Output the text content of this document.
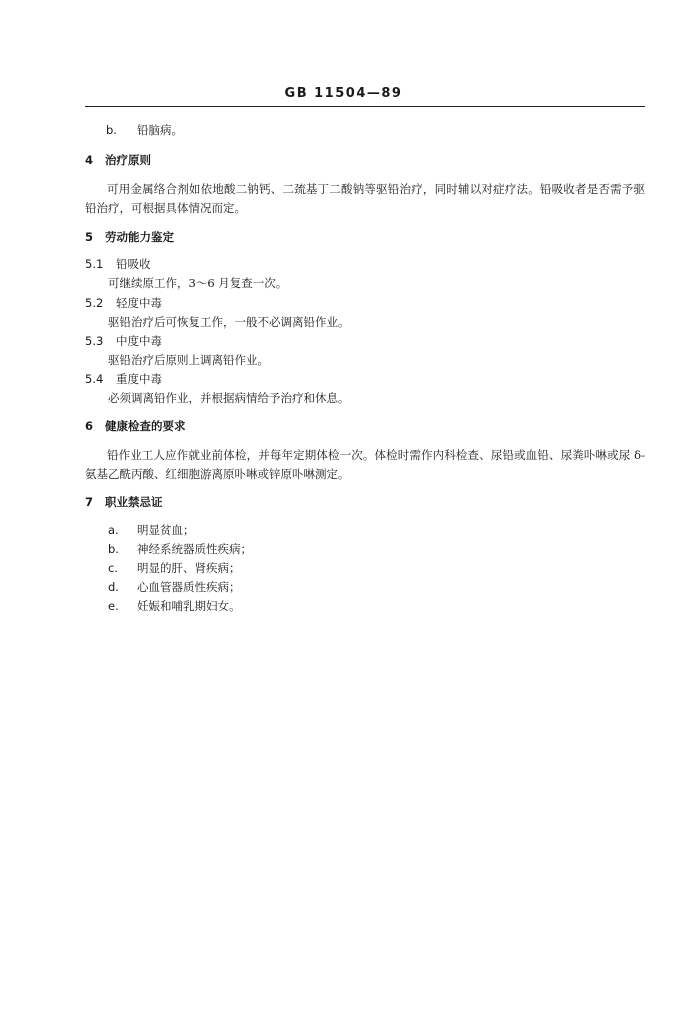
GB 11504—89
b. 铅脑病。
4 治疗原则
可用金属络合剂如依地酸二钠钙、二巯基丁二酸钠等驱铅治疗，同时辅以对症疗法。铅吸收者是否需予驱铅治疗，可根据具体情况而定。
5 劳动能力鉴定
5.1 铅吸收
可继续原工作，3～6 月复查一次。
5.2 轻度中毒
驱铅治疗后可恢复工作，一般不必调离铅作业。
5.3 中度中毒
驱铅治疗后原则上调离铅作业。
5.4 重度中毒
必须调离铅作业，并根据病情给予治疗和休息。
6 健康检查的要求
铅作业工人应作就业前体检，并每年定期体检一次。体检时需作内科检查、尿铅或血铅、尿粪卟啉或尿 δ-氨基乙酰丙酸、红细胞游离原卟啉或锌原卟啉测定。
7 职业禁忌证
a. 明显贫血；
b. 神经系统器质性疾病；
c. 明显的肝、肾疾病；
d. 心血管器质性疾病；
e. 妊娠和哺乳期妇女。
